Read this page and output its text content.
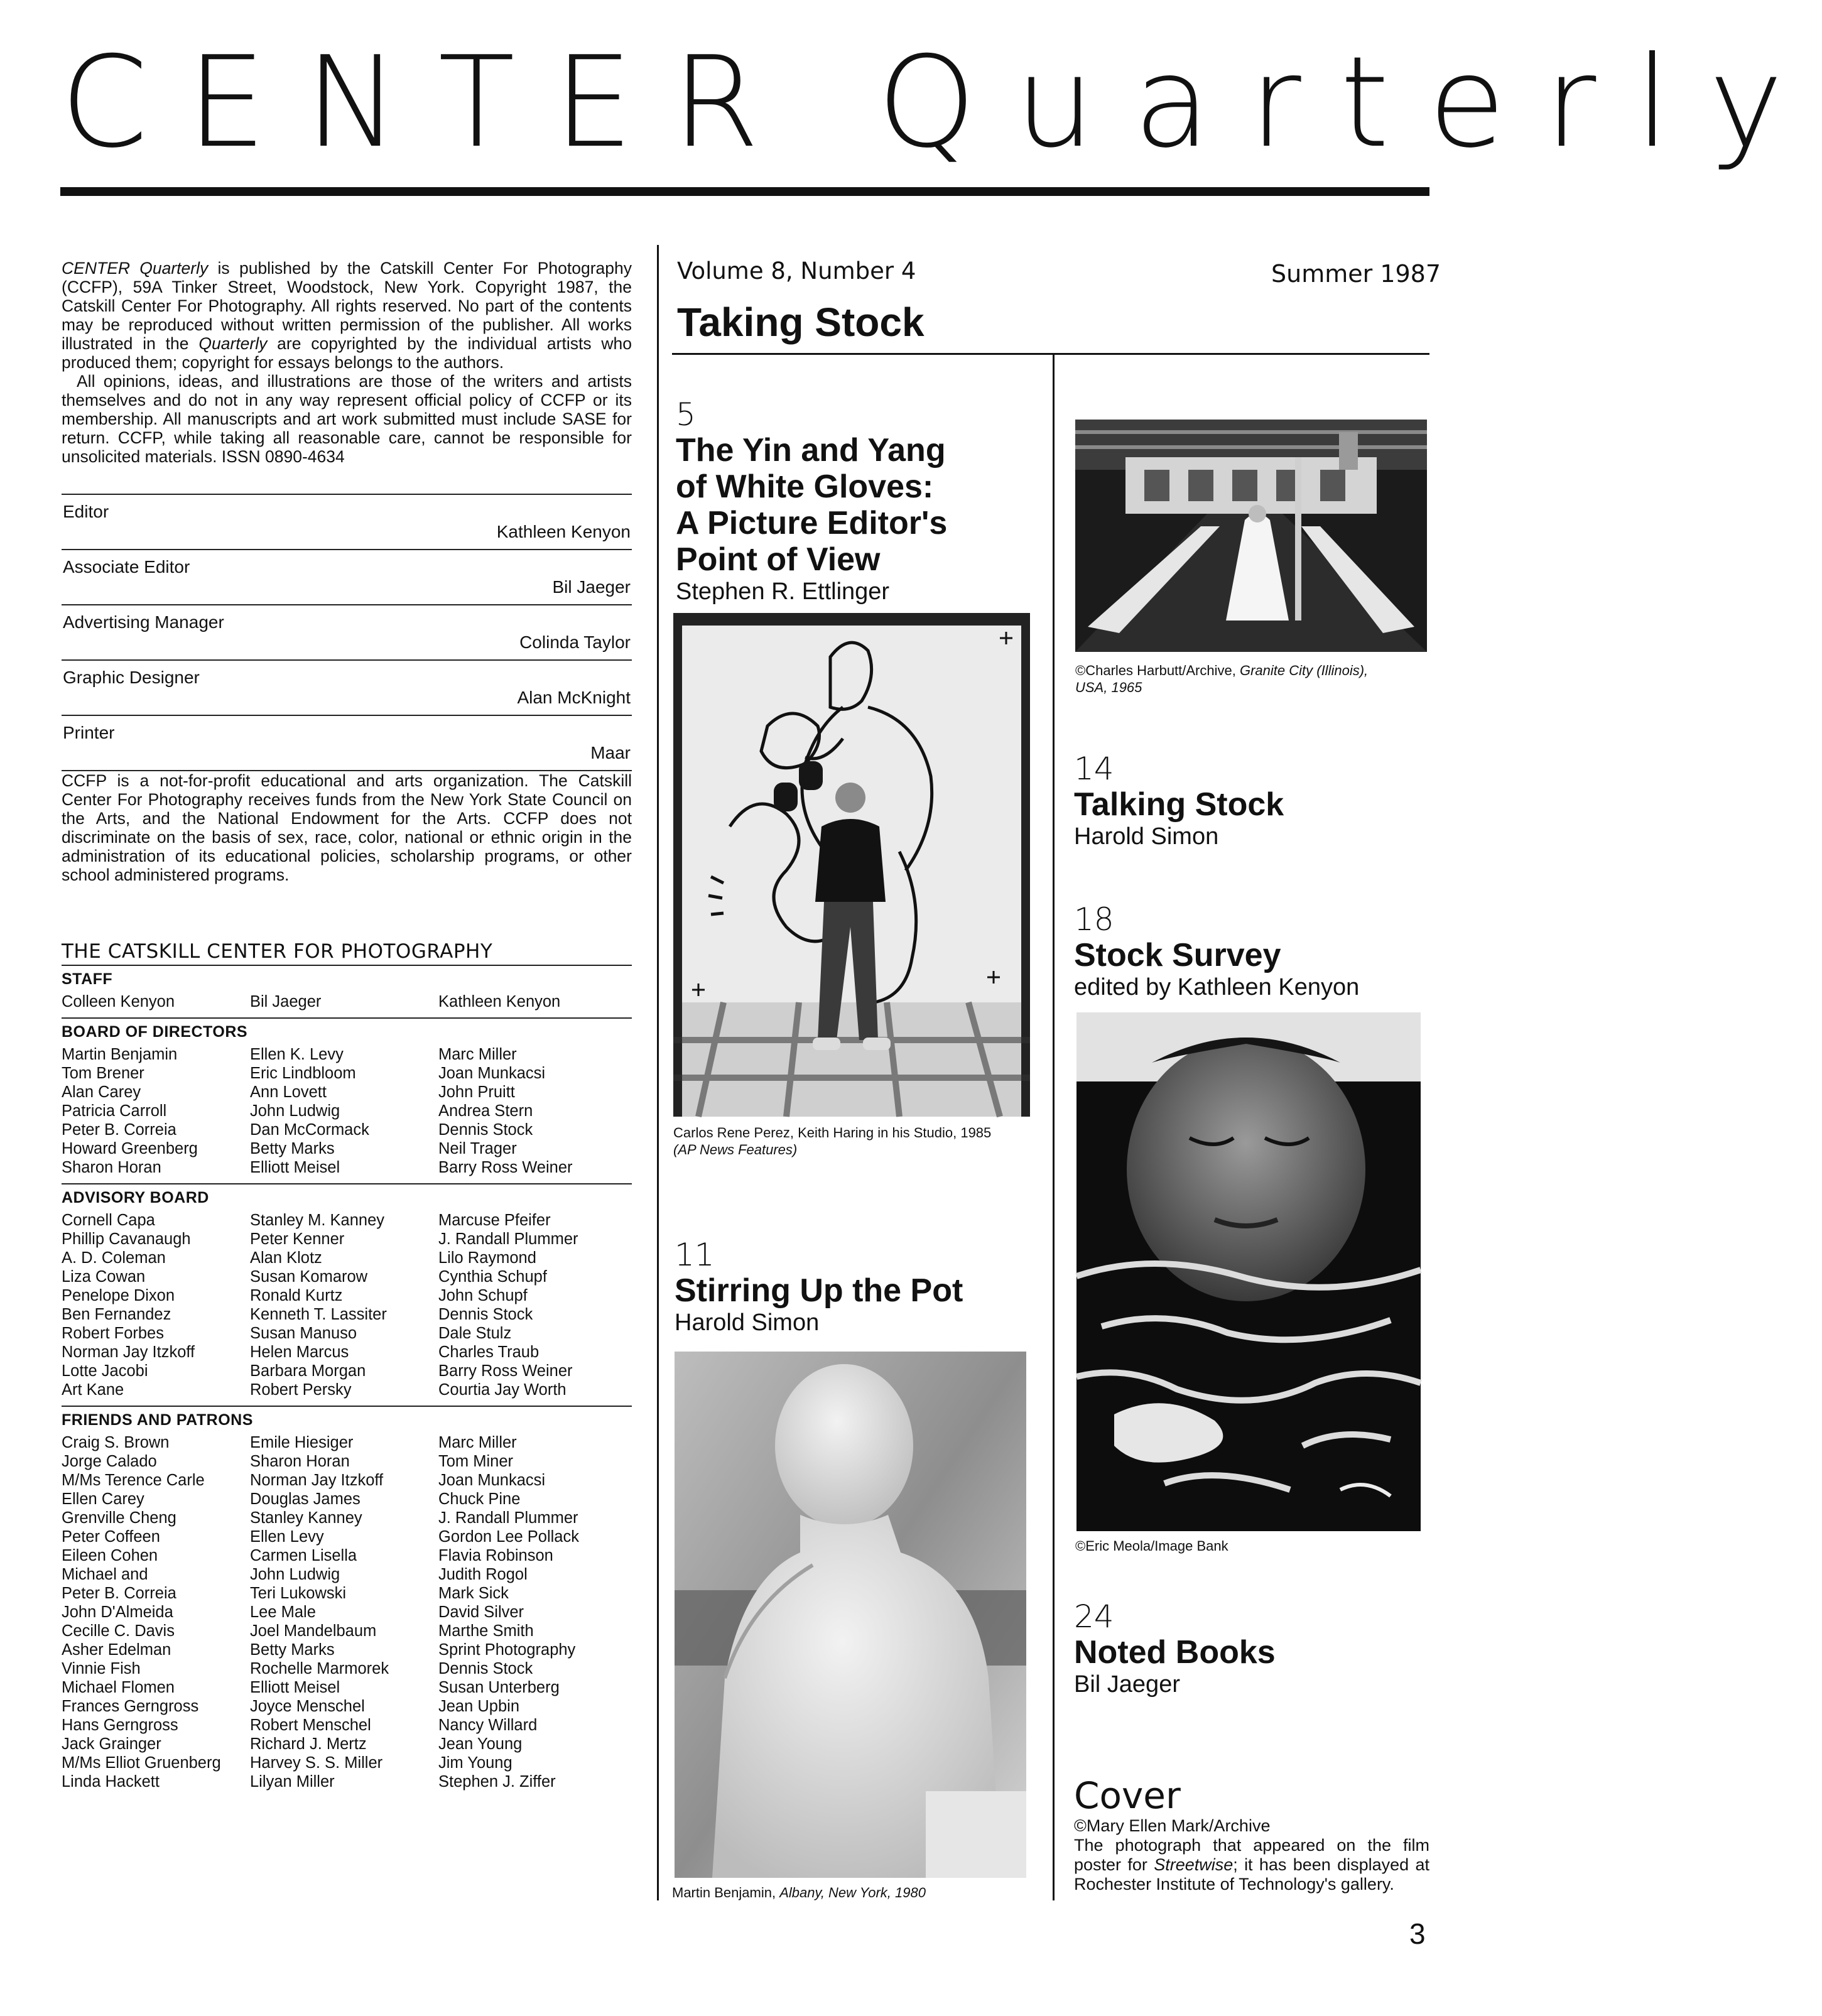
CENTER Quarterly

CENTER Quarterly is published by the Catskill Center For Photography (CCFP), 59A Tinker Street, Woodstock, New York. Copyright 1987, the Catskill Center For Photography. All rights reserved. No part of the contents may be reproduced without written permission of the publisher. All works illustrated in the Quarterly are copyrighted by the individual artists who produced them; copyright for essays belongs to the authors.

All opinions, ideas, and illustrations are those of the writers and artists themselves and do not in any way represent official policy of CCFP or its membership. All manuscripts and art work submitted must include SASE for return. CCFP, while taking all reasonable care, cannot be responsible for unsolicited materials. ISSN 0890-4634

Editor
Kathleen Kenyon
Associate Editor
Bil Jaeger
Advertising Manager
Colinda Taylor
Graphic Designer
Alan McKnight
Printer
Maar

CCFP is a not-for-profit educational and arts organization. The Catskill Center For Photography receives funds from the New York State Council on the Arts, and the National Endowment for the Arts. CCFP does not discriminate on the basis of sex, race, color, national or ethnic origin in the administration of its educational policies, scholarship programs, or other school administered programs.

THE CATSKILL CENTER FOR PHOTOGRAPHY
STAFF
Colleen Kenyon	Bil Jaeger	Kathleen Kenyon
BOARD OF DIRECTORS
Martin Benjamin	Ellen K. Levy	Marc Miller
Tom Brener	Eric Lindbloom	Joan Munkacsi
Alan Carey	Ann Lovett	John Pruitt
Patricia Carroll	John Ludwig	Andrea Stern
Peter B. Correia	Dan McCormack	Dennis Stock
Howard Greenberg	Betty Marks	Neil Trager
Sharon Horan	Elliott Meisel	Barry Ross Weiner
ADVISORY BOARD
Cornell Capa	Stanley M. Kanney	Marcuse Pfeifer
Phillip Cavanaugh	Peter Kenner	J. Randall Plummer
A. D. Coleman	Alan Klotz	Lilo Raymond
Liza Cowan	Susan Komarow	Cynthia Schupf
Penelope Dixon	Ronald Kurtz	John Schupf
Ben Fernandez	Kenneth T. Lassiter	Dennis Stock
Robert Forbes	Susan Manuso	Dale Stulz
Norman Jay Itzkoff	Helen Marcus	Charles Traub
Lotte Jacobi	Barbara Morgan	Barry Ross Weiner
Art Kane	Robert Persky	Courtia Jay Worth
FRIENDS AND PATRONS
Craig S. Brown	Emile Hiesiger	Marc Miller
Jorge Calado	Sharon Horan	Tom Miner
M/Ms Terence Carle	Norman Jay Itzkoff	Joan Munkacsi
Ellen Carey	Douglas James	Chuck Pine
Grenville Cheng	Stanley Kanney	J. Randall Plummer
Peter Coffeen	Ellen Levy	Gordon Lee Pollack
Eileen Cohen	Carmen Lisella	Flavia Robinson
Michael and	John Ludwig	Judith Rogol
Peter B. Correia	Teri Lukowski	Mark Sick
John D'Almeida	Lee Male	David Silver
Cecille C. Davis	Joel Mandelbaum	Marthe Smith
Asher Edelman	Betty Marks	Sprint Photography
Vinnie Fish	Rochelle Marmorek	Dennis Stock
Michael Flomen	Elliott Meisel	Susan Unterberg
Frances Gerngross	Joyce Menschel	Jean Upbin
Hans Gerngross	Robert Menschel	Nancy Willard
Jack Grainger	Richard J. Mertz	Jean Young
M/Ms Elliot Gruenberg	Harvey S. S. Miller	Jim Young
Linda Hackett	Lilyan Miller	Stephen J. Ziffer
Volume 8, Number 4	Summer 1987
Taking Stock
5
The Yin and Yang
of White Gloves:
A Picture Editor's
Point of View
Stephen R. Ettlinger
Carlos Rene Perez, Keith Haring in his Studio, 1985
(AP News Features)
11
Stirring Up the Pot
Harold Simon
Martin Benjamin, Albany, New York, 1980
©Charles Harbutt/Archive, Granite City (Illinois),
USA, 1965
14
Talking Stock
Harold Simon
18
Stock Survey
edited by Kathleen Kenyon
©Eric Meola/Image Bank
24
Noted Books
Bil Jaeger
Cover
©Mary Ellen Mark/Archive
The photograph that appeared on the film poster for Streetwise; it has been displayed at Rochester Institute of Technology's gallery.
3
